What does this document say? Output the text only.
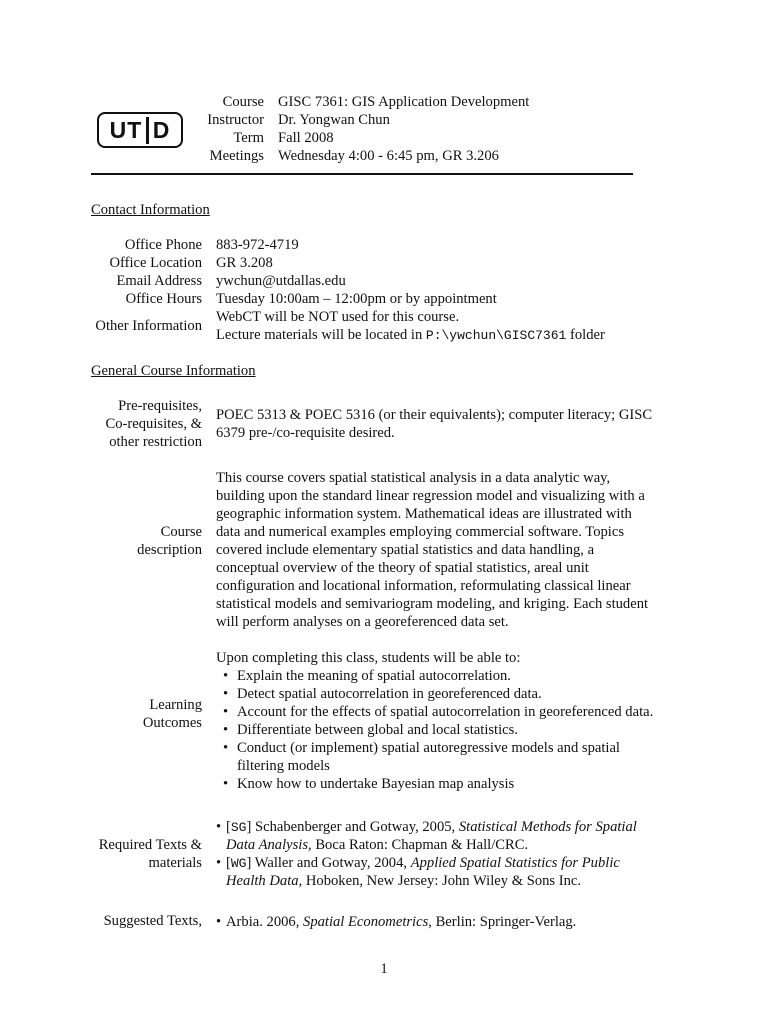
UT D
Course
Instructor
Term
Meetings
GISC 7361: GIS Application Development
Dr. Yongwan Chun
Fall 2008
Wednesday 4:00 - 6:45 pm, GR 3.206
Contact Information
Office Phone 883-972-4719
Office Location GR 3.208
Email Address ywchun@utdallas.edu
Office Hours Tuesday 10:00am – 12:00pm or by appointment
Other Information
WebCT will be NOT used for this course.
Lecture materials will be located in P:\ywchun\GISC7361 folder
General Course Information
Pre-requisites,
Co-requisites, &
other restriction
POEC 5313 & POEC 5316 (or their equivalents); computer literacy; GISC
6379 pre-/co-requisite desired.
Course
description
This course covers spatial statistical analysis in a data analytic way,
building upon the standard linear regression model and visualizing with a
geographic information system. Mathematical ideas are illustrated with
data and numerical examples employing commercial software. Topics
covered include elementary spatial statistics and data handling, a
conceptual overview of the theory of spatial statistics, areal unit
configuration and locational information, reformulating classical linear
statistical models and semivariogram modeling, and kriging. Each student
will perform analyses on a georeferenced data set.
Learning
Outcomes
Upon completing this class, students will be able to:
• Explain the meaning of spatial autocorrelation.
• Detect spatial autocorrelation in georeferenced data.
• Account for the effects of spatial autocorrelation in georeferenced data.
• Differentiate between global and local statistics.
• Conduct (or implement) spatial autoregressive models and spatial
filtering models
• Know how to undertake Bayesian map analysis
Required Texts &
materials
• [SG] Schabenberger and Gotway, 2005, Statistical Methods for Spatial
Data Analysis, Boca Raton: Chapman & Hall/CRC.
• [WG] Waller and Gotway, 2004, Applied Spatial Statistics for Public
Health Data, Hoboken, New Jersey: John Wiley & Sons Inc.
Suggested Texts, • Arbia. 2006, Spatial Econometrics, Berlin: Springer-Verlag.
1
